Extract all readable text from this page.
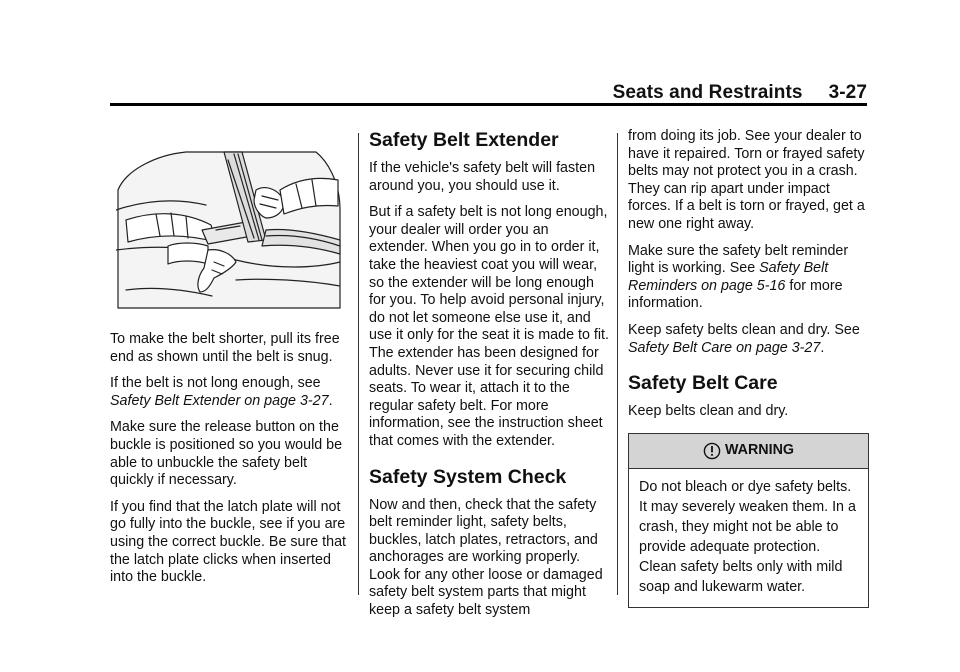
Seats and Restraints 3-27

To make the belt shorter, pull its free end as shown until the belt is snug.

If the belt is not long enough, see Safety Belt Extender on page 3-27.

Make sure the release button on the buckle is positioned so you would be able to unbuckle the safety belt quickly if necessary.

If you find that the latch plate will not go fully into the buckle, see if you are using the correct buckle. Be sure that the latch plate clicks when inserted into the buckle.

Safety Belt Extender

If the vehicle's safety belt will fasten around you, you should use it.

But if a safety belt is not long enough, your dealer will order you an extender. When you go in to order it, take the heaviest coat you will wear, so the extender will be long enough for you. To help avoid personal injury, do not let someone else use it, and use it only for the seat it is made to fit. The extender has been designed for adults. Never use it for securing child seats. To wear it, attach it to the regular safety belt. For more information, see the instruction sheet that comes with the extender.

Safety System Check

Now and then, check that the safety belt reminder light, safety belts, buckles, latch plates, retractors, and anchorages are working properly. Look for any other loose or damaged safety belt system parts that might keep a safety belt system

from doing its job. See your dealer to have it repaired. Torn or frayed safety belts may not protect you in a crash. They can rip apart under impact forces. If a belt is torn or frayed, get a new one right away.

Make sure the safety belt reminder light is working. See Safety Belt Reminders on page 5-16 for more information.

Keep safety belts clean and dry. See Safety Belt Care on page 3-27.

Safety Belt Care

Keep belts clean and dry.

WARNING
Do not bleach or dye safety belts. It may severely weaken them. In a crash, they might not be able to provide adequate protection. Clean safety belts only with mild soap and lukewarm water.
